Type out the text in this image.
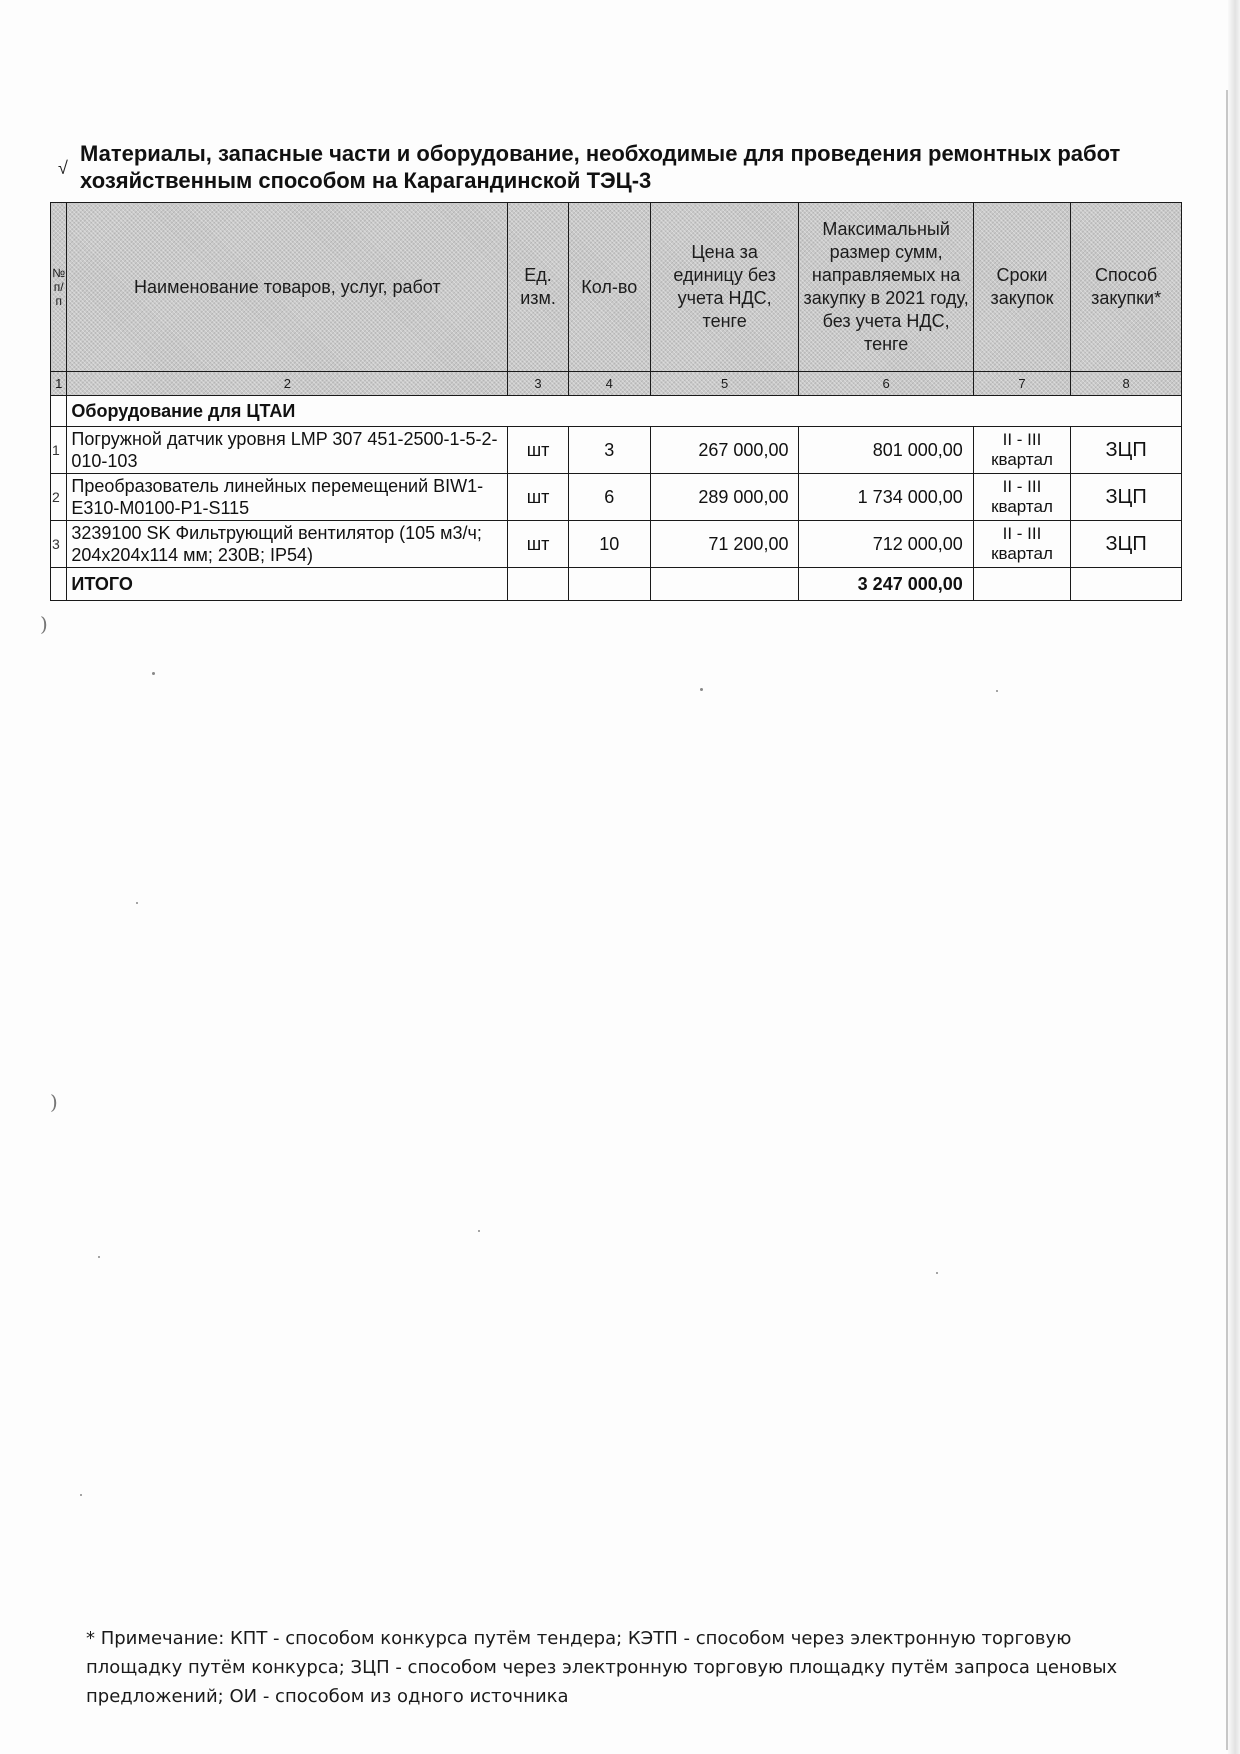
√
Материалы, запасные части и оборудование, необходимые для проведения ремонтных работ
хозяйственным способом на Карагандинской ТЭЦ-3
№ п/п	Наименование товаров, услуг, работ	Ед. изм.	Кол-во	Цена за единицу без учета НДС, тенге	Максимальный размер сумм, направляемых на закупку в 2021 году, без учета НДС, тенге	Сроки закупок	Способ закупки*
1	2	3	4	5	6	7	8
	Оборудование для ЦТАИ						
1	Погружной датчик уровня LMP 307 451-2500-1-5-2-010-103	шт	3	267 000,00	801 000,00	II - III квартал	ЗЦП
2	Преобразователь линейных перемещений BIW1-E310-M0100-P1-S115	шт	6	289 000,00	1 734 000,00	II - III квартал	ЗЦП
3	3239100 SK Фильтрующий вентилятор (105 м3/ч; 204х204х114 мм; 230В; IP54)	шт	10	71 200,00	712 000,00	II - III квартал	ЗЦП
	ИТОГО				3 247 000,00		
)
)
* Примечание: КПТ - способом конкурса путём тендера; КЭТП - способом через электронную торговую площадку путём конкурса; ЗЦП - способом через электронную торговую площадку путём запроса ценовых предложений; ОИ - способом из одного источника
